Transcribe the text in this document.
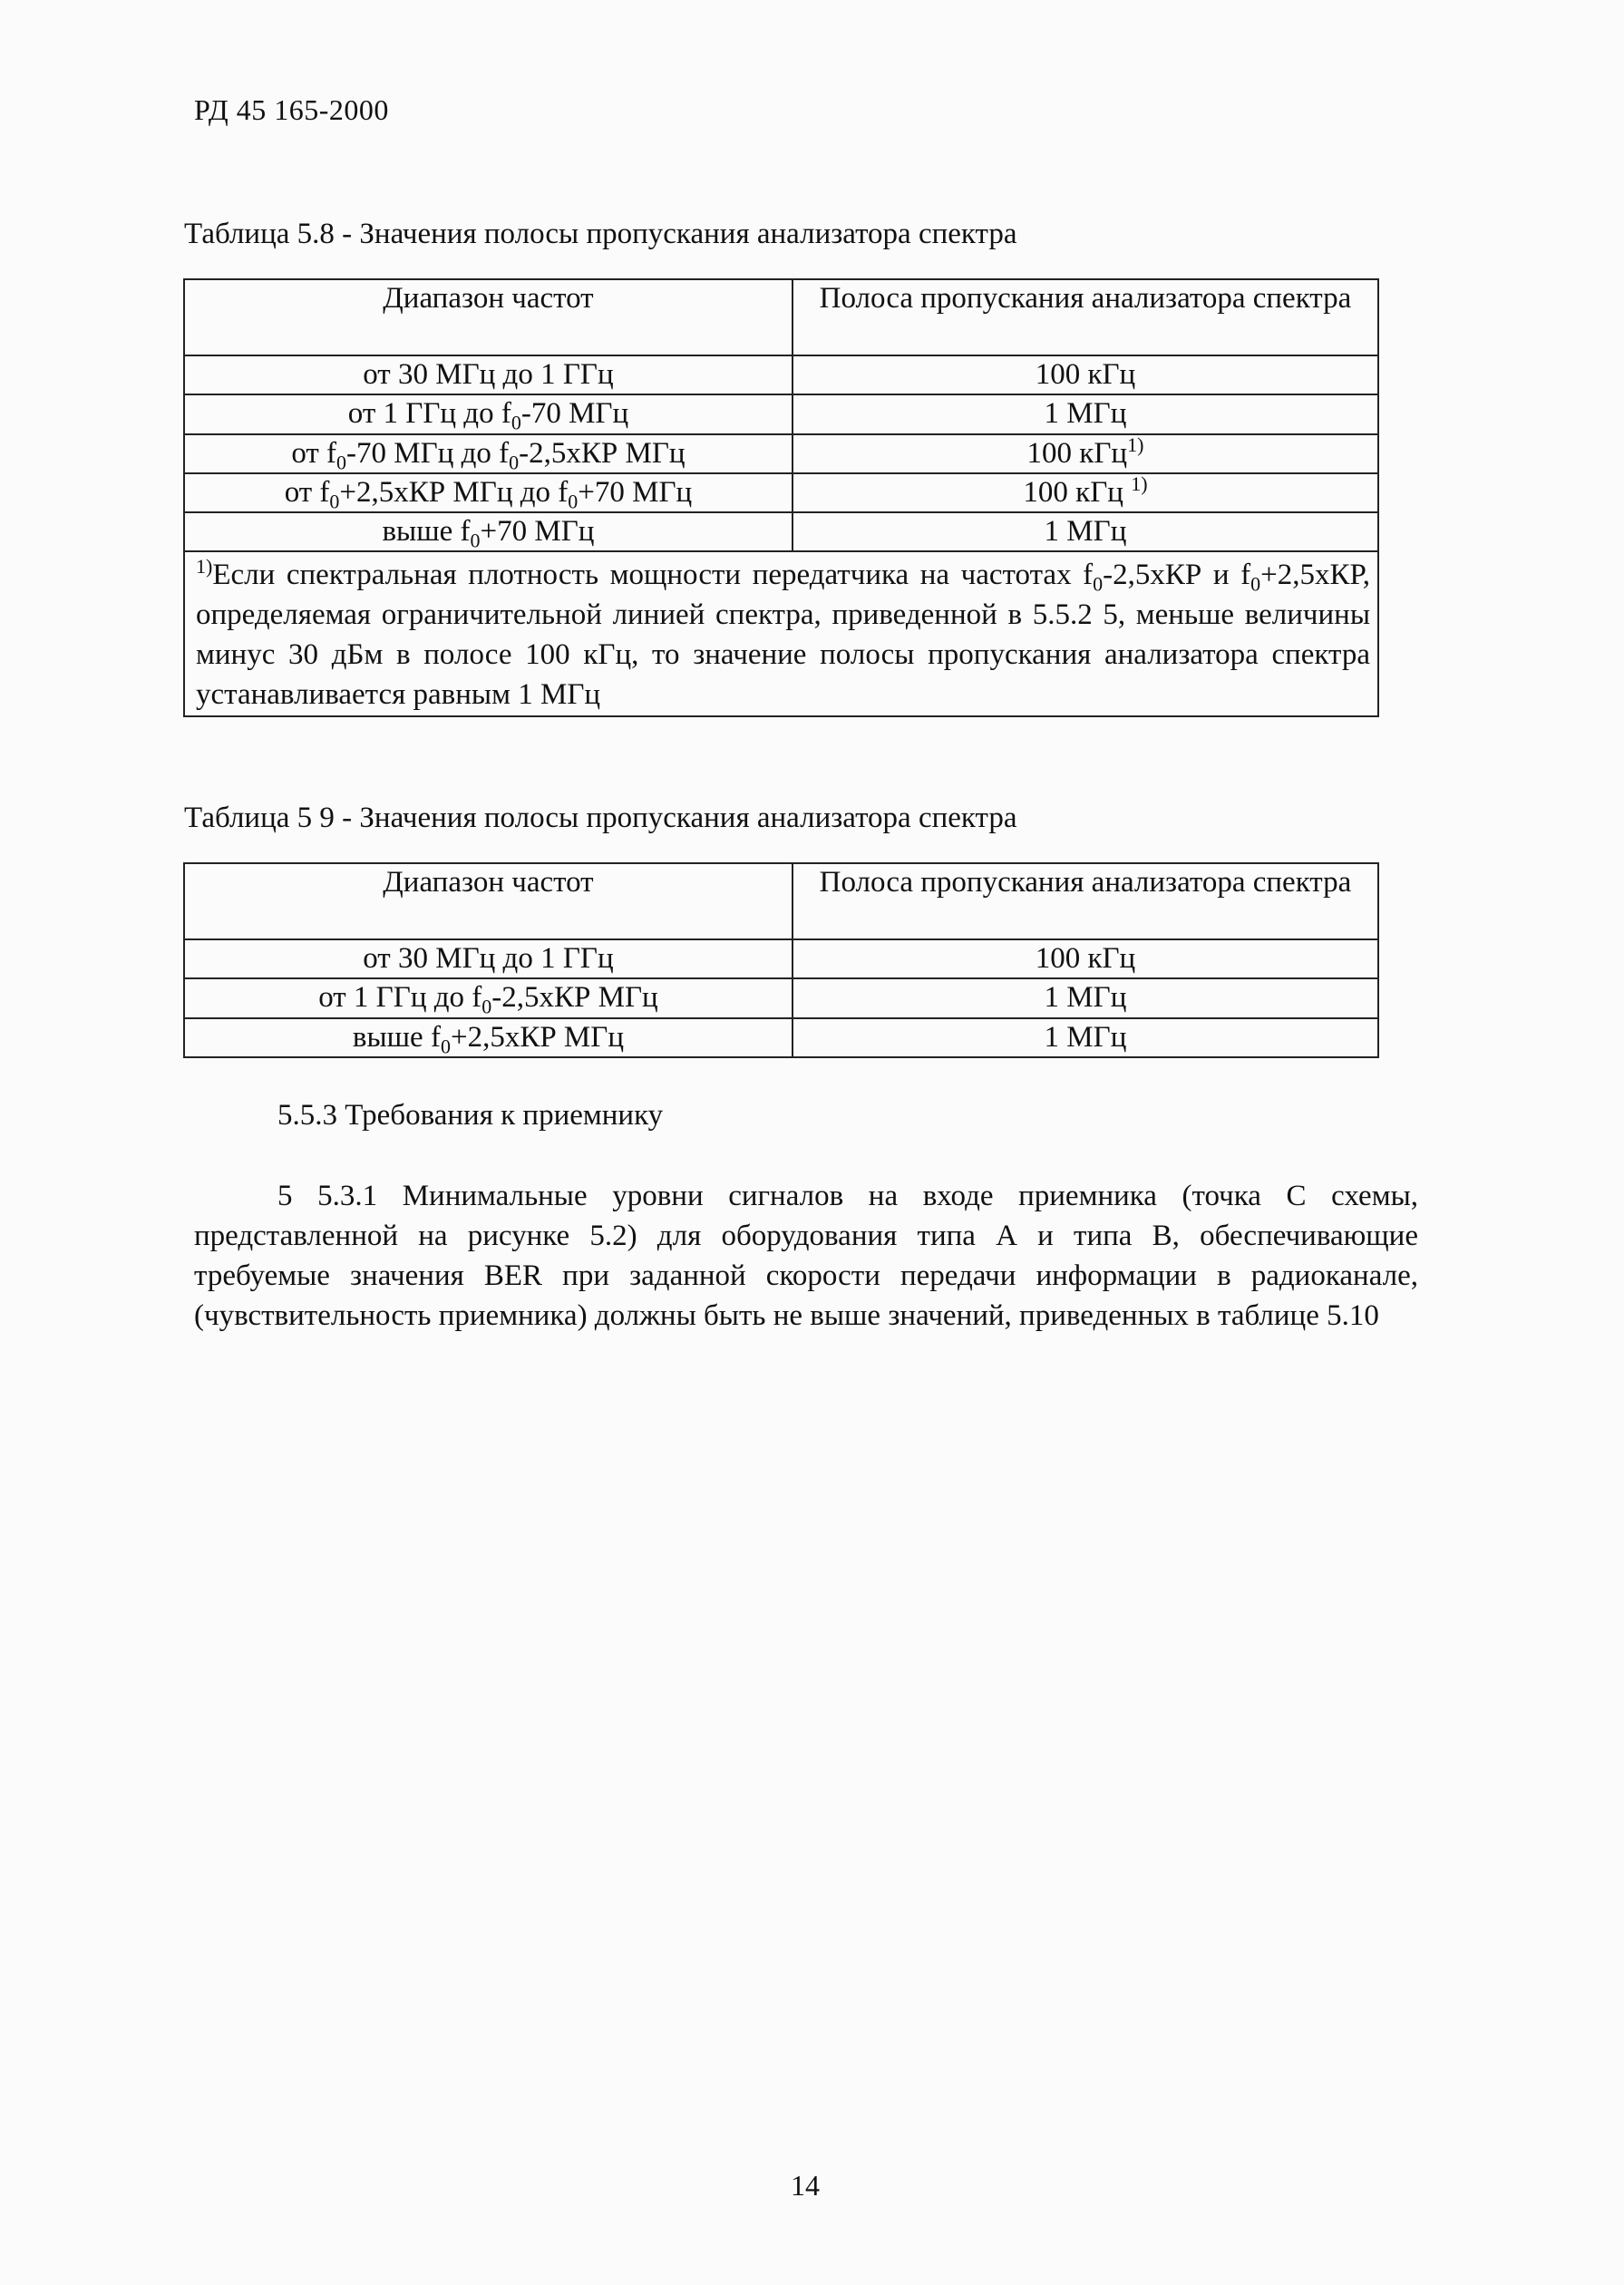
РД 45 165-2000
Таблица 5.8 - Значения полосы пропускания анализатора спектра
Диапазон частот	Полоса пропускания анализатора спектра
от 30 МГц до 1 ГГц	100 кГц
от 1 ГГц до $f_0-70$ МГц	1 МГц
от $f_0-70$ МГц до $f_0-2,5хКР$ МГц	100 кГц$^{1)}$
от $f_0+2,5хКР$ МГц до $f_0+70$ МГц	100 кГц $^{1)}$
выше $f_0+70$ МГц	1 МГц
$^{1)}$Если спектральная плотность мощности передатчика на частотах $f_0-2,5хКР$ и $f_0+2,5хКР$, определяемая ограничительной линией спектра, приведенной в 5.5.2 5, меньше величины минус 30 дБм в полосе 100 кГц, то значение полосы пропускания анализатора спектра устанавливается равным 1 МГц	
Таблица 5 9 - Значения полосы пропускания анализатора спектра
Диапазон частот	Полоса пропускания анализатора спектра
от 30 МГц до 1 ГГц	100 кГц
от 1 ГГц до $f_0-2,5хКР$ МГц	1 МГц
выше $f_0+2,5хКР$ МГц	1 МГц
5.5.3 Требования к приемнику
5 5.3.1 Минимальные уровни сигналов на входе приемника (точка С схемы, представленной на рисунке 5.2) для оборудования типа А и типа В, обеспечивающие требуемые значения BER при заданной скорости передачи информации в радиоканале, (чувствительность приемника) должны быть не выше значений, приведенных в таблице 5.10
14
